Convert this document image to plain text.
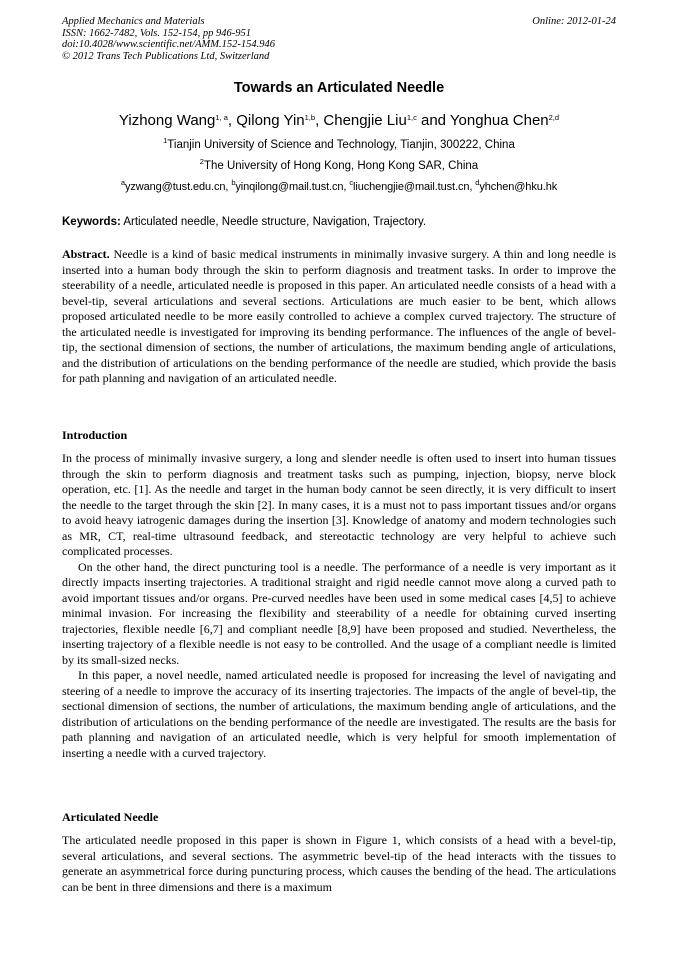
Applied Mechanics and Materials
ISSN: 1662-7482, Vols. 152-154, pp 946-951
doi:10.4028/www.scientific.net/AMM.152-154.946
© 2012 Trans Tech Publications Ltd, Switzerland
Online: 2012-01-24
Towards an Articulated Needle
Yizhong Wang$^{1, a}$, Qilong Yin$^{1,b}$, Chengjie Liu$^{1,c}$ and Yonghua Chen$^{2,d}$
$^1$Tianjin University of Science and Technology, Tianjin, 300222, China
$^2$The University of Hong Kong, Hong Kong SAR, China
$^a$yzwang@tust.edu.cn, $^b$yinqilong@mail.tust.cn, $^c$liuchengjie@mail.tust.cn, $^d$yhchen@hku.hk
Keywords: Articulated needle, Needle structure, Navigation, Trajectory.
Abstract. Needle is a kind of basic medical instruments in minimally invasive surgery. A thin and long needle is inserted into a human body through the skin to perform diagnosis and treatment tasks. In order to improve the steerability of a needle, articulated needle is proposed in this paper. An articulated needle consists of a head with a bevel-tip, several articulations and several sections. Articulations are much easier to be bent, which allows proposed articulated needle to be more easily controlled to achieve a complex curved trajectory. The structure of the articulated needle is investigated for improving its bending performance. The influences of the angle of bevel-tip, the sectional dimension of sections, the number of articulations, the maximum bending angle of articulations, and the distribution of articulations on the bending performance of the needle are studied, which provide the basis for path planning and navigation of an articulated needle.
Introduction

In the process of minimally invasive surgery, a long and slender needle is often used to insert into human tissues through the skin to perform diagnosis and treatment tasks such as pumping, injection, biopsy, nerve block operation, etc. [1]. As the needle and target in the human body cannot be seen directly, it is very difficult to insert the needle to the target through the skin [2]. In many cases, it is a must not to pass important tissues and/or organs to avoid heavy iatrogenic damages during the insertion [3]. Knowledge of anatomy and modern technologies such as MR, CT, real-time ultrasound feedback, and stereotactic technology are very helpful to achieve such complicated processes.

On the other hand, the direct puncturing tool is a needle. The performance of a needle is very important as it directly impacts inserting trajectories. A traditional straight and rigid needle cannot move along a curved path to avoid important tissues and/or organs. Pre-curved needles have been used in some medical cases [4,5] to achieve minimal invasion. For increasing the flexibility and steerability of a needle for obtaining curved inserting trajectories, flexible needle [6,7] and compliant needle [8,9] have been proposed and studied. Nevertheless, the inserting trajectory of a flexible needle is not easy to be controlled. And the usage of a compliant needle is limited by its small-sized necks.

In this paper, a novel needle, named articulated needle is proposed for increasing the level of navigating and steering of a needle to improve the accuracy of its inserting trajectories. The impacts of the angle of bevel-tip, the sectional dimension of sections, the number of articulations, the maximum bending angle of articulations, and the distribution of articulations on the bending performance of the needle are investigated. The results are the basis for path planning and navigation of an articulated needle, which is very helpful for smooth implementation of inserting a needle with a curved trajectory.

Articulated Needle
The articulated needle proposed in this paper is shown in Figure 1, which consists of a head with a bevel-tip, several articulations, and several sections. The asymmetric bevel-tip of the head interacts with the tissues to generate an asymmetrical force during puncturing process, which causes the bending of the head. The articulations can be bent in three dimensions and there is a maximum
